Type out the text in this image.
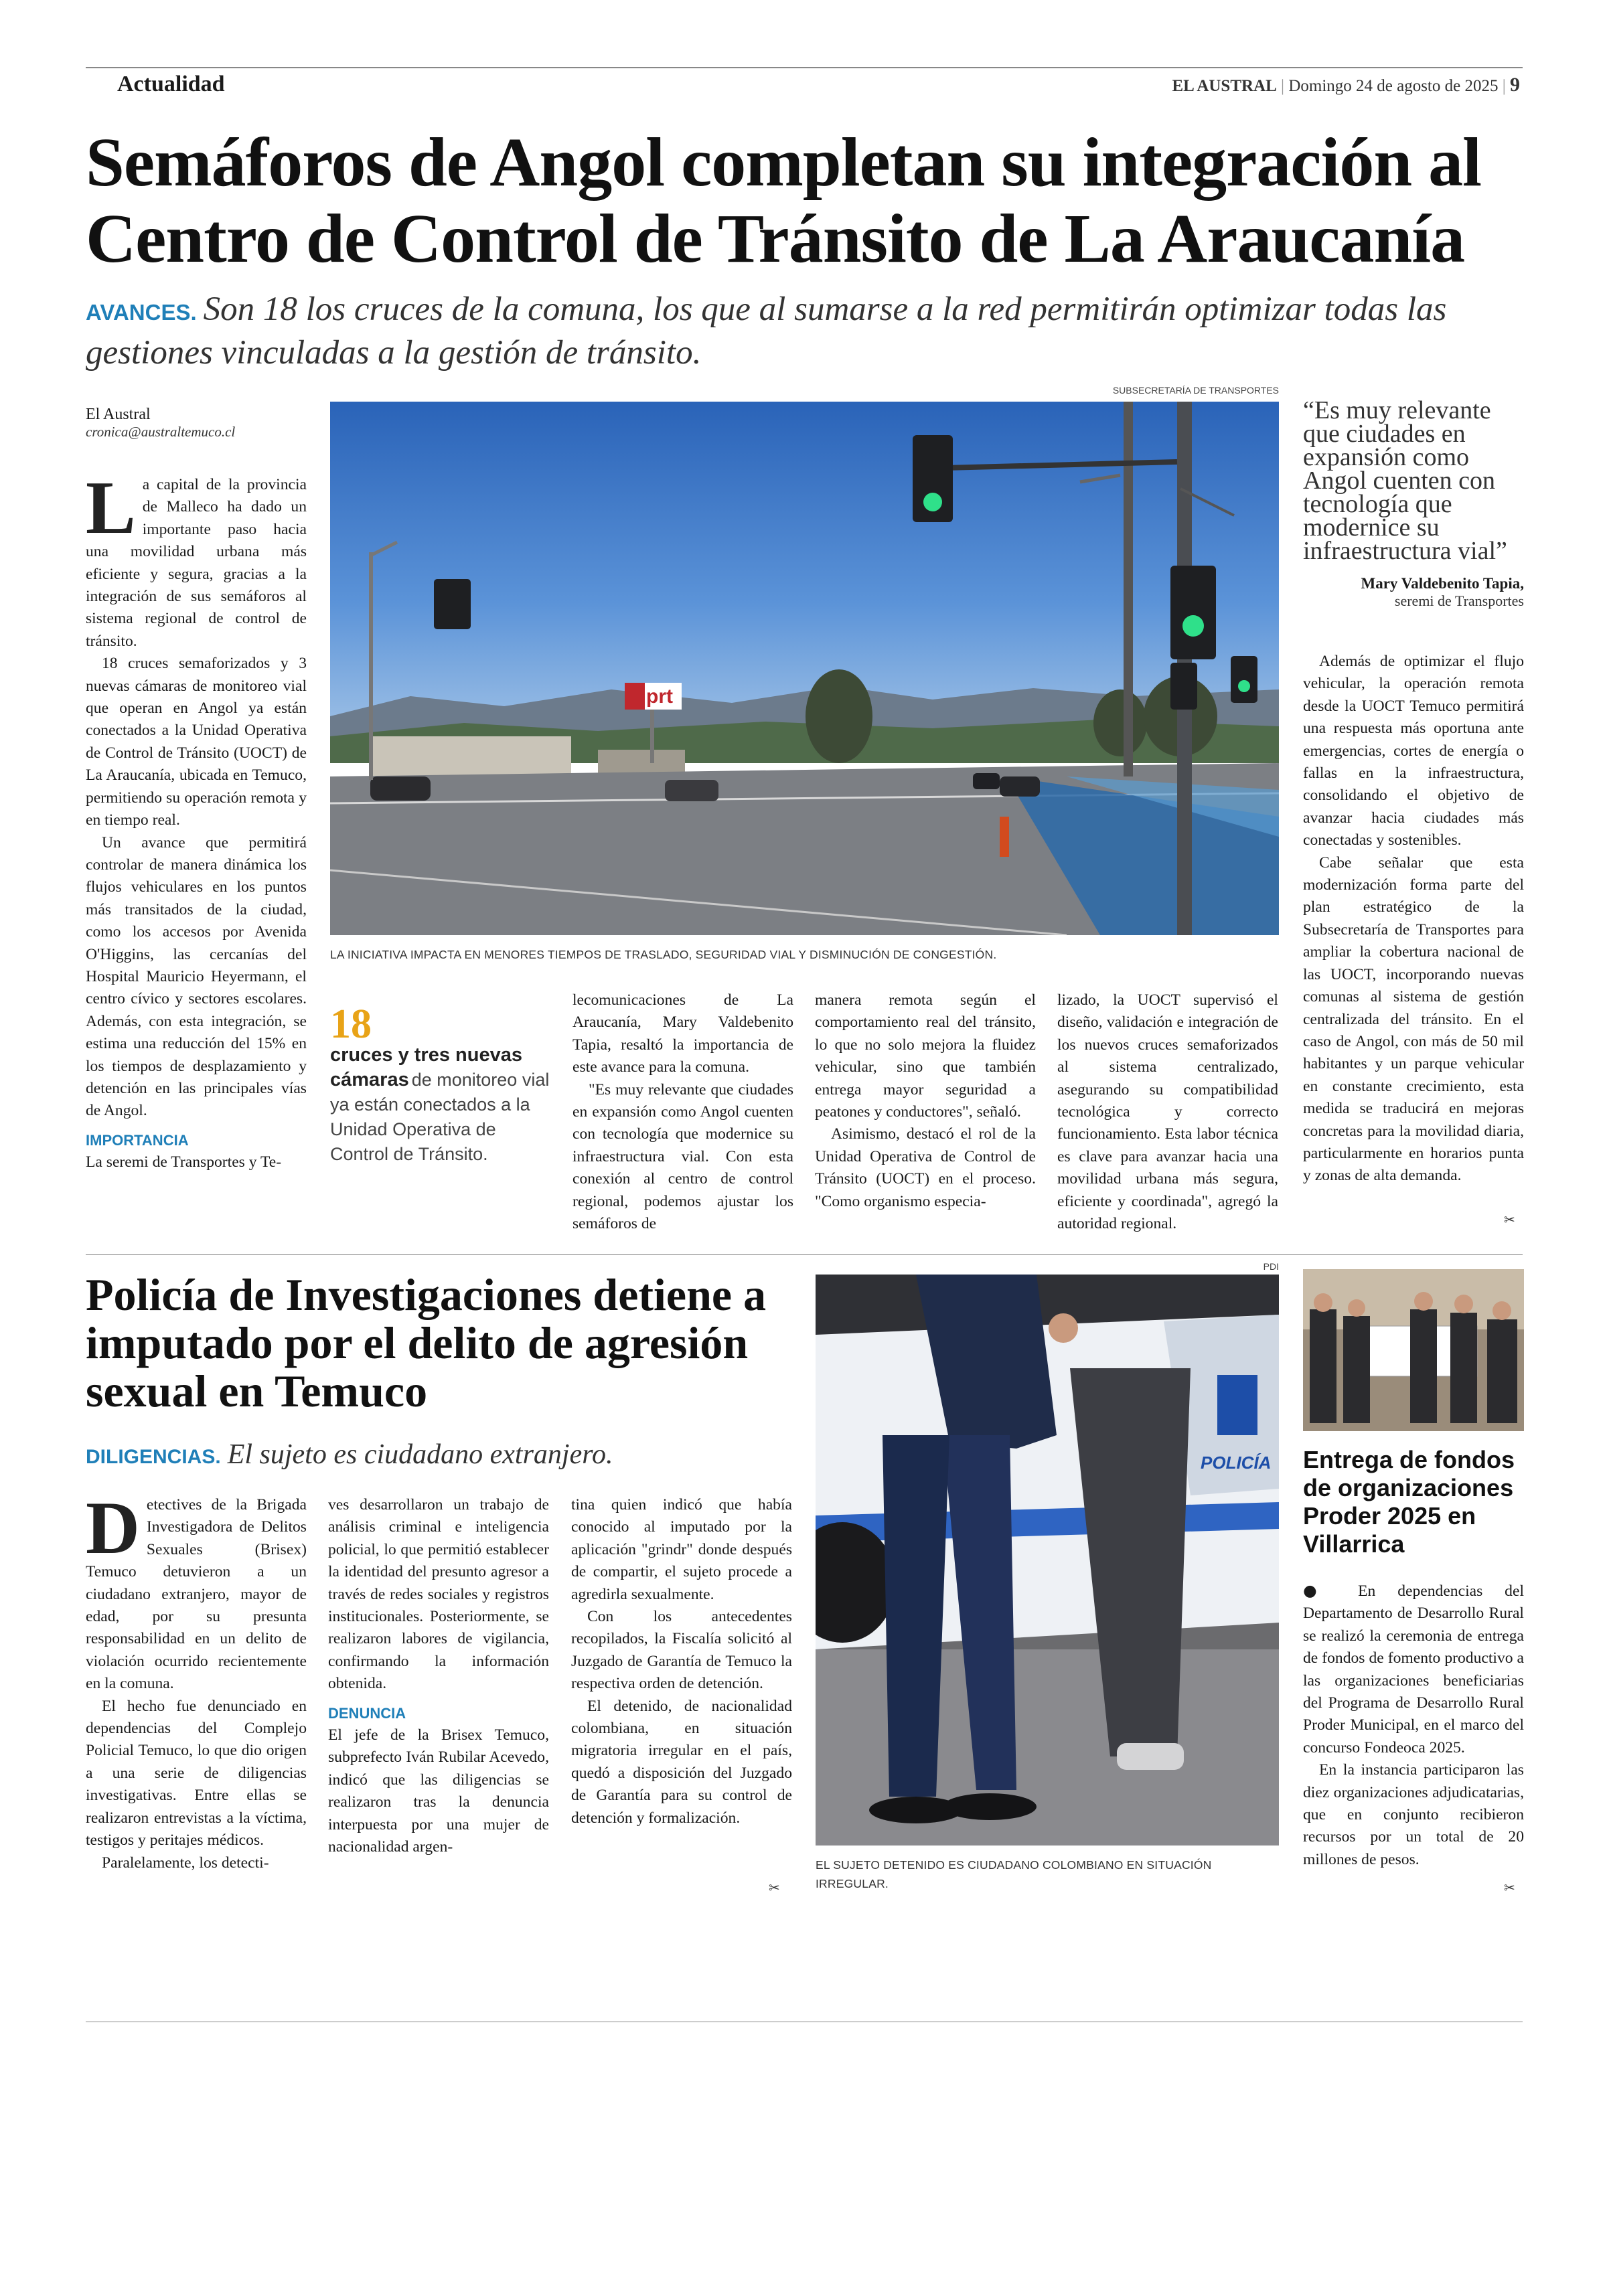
Actualidad	EL AUSTRAL | Domingo 24 de agosto de 2025 | 9
Semáforos de Angol completan su integración al Centro de Control de Tránsito de La Araucanía
AVANCES. Son 18 los cruces de la comuna, los que al sumarse a la red permitirán optimizar todas las gestiones vinculadas a la gestión de tránsito.
El Austral
cronica@australtemuco.cl
SUBSECRETARÍA DE TRANSPORTES
prt
LA INICIATIVA IMPACTA EN MENORES TIEMPOS DE TRASLADO, SEGURIDAD VIAL Y DISMINUCIÓN DE CONGESTIÓN.

La capital de la provincia de Malleco ha dado un importante paso hacia una movilidad urbana más eficiente y segura, gracias a la integración de sus semáforos al sistema regional de control de tránsito.

18 cruces semaforizados y 3 nuevas cámaras de monitoreo vial que operan en Angol ya están conectados a la Unidad Operativa de Control de Tránsito (UOCT) de La Araucanía, ubicada en Temuco, permitiendo su operación remota y en tiempo real.

Un avance que permitirá controlar de manera dinámica los flujos vehiculares en los puntos más transitados de la ciudad, como los accesos por Avenida O'Higgins, las cercanías del Hospital Mauricio Heyermann, el centro cívico y sectores escolares. Además, con esta integración, se estima una reducción del 15% en los tiempos de desplazamiento y detención en las principales vías de Angol.

IMPORTANCIA

La seremi de Transportes y Te-

18
cruces y tres nuevas cámaras de monitoreo vial ya están conectados a la Unidad Operativa de Control de Tránsito.

lecomunicaciones de La Araucanía, Mary Valdebenito Tapia, resaltó la importancia de este avance para la comuna.

"Es muy relevante que ciudades en expansión como Angol cuenten con tecnología que modernice su infraestructura vial. Con esta conexión al centro de control regional, podemos ajustar los semáforos de

manera remota según el comportamiento real del tránsito, lo que no solo mejora la fluidez vehicular, sino que también entrega mayor seguridad a peatones y conductores", señaló.

Asimismo, destacó el rol de la Unidad Operativa de Control de Tránsito (UOCT) en el proceso. "Como organismo especia-

lizado, la UOCT supervisó el diseño, validación e integración de los nuevos cruces semaforizados al sistema centralizado, asegurando su compatibilidad tecnológica y correcto funcionamiento. Esta labor técnica es clave para avanzar hacia una movilidad urbana más segura, eficiente y coordinada", agregó la autoridad regional.

“Es muy relevante que ciudades en expansión como Angol cuenten con tecnología que modernice su infraestructura vial”
Mary Valdebenito Tapia,
seremi de Transportes

Además de optimizar el flujo vehicular, la operación remota desde la UOCT Temuco permitirá una respuesta más oportuna ante emergencias, cortes de energía o fallas en la infraestructura, consolidando el objetivo de avanzar hacia ciudades más conectadas y sostenibles.

Cabe señalar que esta modernización forma parte del plan estratégico de la Subsecretaría de Transportes para ampliar la cobertura nacional de las UOCT, incorporando nuevas comunas al sistema de gestión centralizada del tránsito. En el caso de Angol, con más de 50 mil habitantes y un parque vehicular en constante crecimiento, esta medida se traducirá en mejoras concretas para la movilidad diaria, particularmente en horarios punta y zonas de alta demanda.

✂
Policía de Investigaciones detiene a imputado por el delito de agresión sexual en Temuco
DILIGENCIAS. El sujeto es ciudadano extranjero.

Detectives de la Brigada Investigadora de Delitos Sexuales (Brisex) Temuco detuvieron a un ciudadano extranjero, mayor de edad, por su presunta responsabilidad en un delito de violación ocurrido recientemente en la comuna.

El hecho fue denunciado en dependencias del Complejo Policial Temuco, lo que dio origen a una serie de diligencias investigativas. Entre ellas se realizaron entrevistas a la víctima, testigos y peritajes médicos.

Paralelamente, los detecti-

ves desarrollaron un trabajo de análisis criminal e inteligencia policial, lo que permitió establecer la identidad del presunto agresor a través de redes sociales y registros institucionales. Posteriormente, se realizaron labores de vigilancia, confirmando la información obtenida.

DENUNCIA

El jefe de la Brisex Temuco, subprefecto Iván Rubilar Acevedo, indicó que las diligencias se realizaron tras la denuncia interpuesta por una mujer de nacionalidad argen-

tina quien indicó que había conocido al imputado por la aplicación "grindr" donde después de compartir, el sujeto procede a agredirla sexualmente.

Con los antecedentes recopilados, la Fiscalía solicitó al Juzgado de Garantía de Temuco la respectiva orden de detención.

El detenido, de nacionalidad colombiana, en situación migratoria irregular en el país, quedó a disposición del Juzgado de Garantía para su control de detención y formalización.

✂
PDI
POLICÍA
EL SUJETO DETENIDO ES CIUDADANO COLOMBIANO EN SITUACIÓN IRREGULAR.
Entrega de fondos de organizaciones Proder 2025 en Villarrica

● En dependencias del Departamento de Desarrollo Rural se realizó la ceremonia de entrega de fondos de fomento productivo a las organizaciones beneficiarias del Programa de Desarrollo Rural Proder Municipal, en el marco del concurso Fondeoca 2025.

En la instancia participaron las diez organizaciones adjudicatarias, que en conjunto recibieron recursos por un total de 20 millones de pesos.

✂
